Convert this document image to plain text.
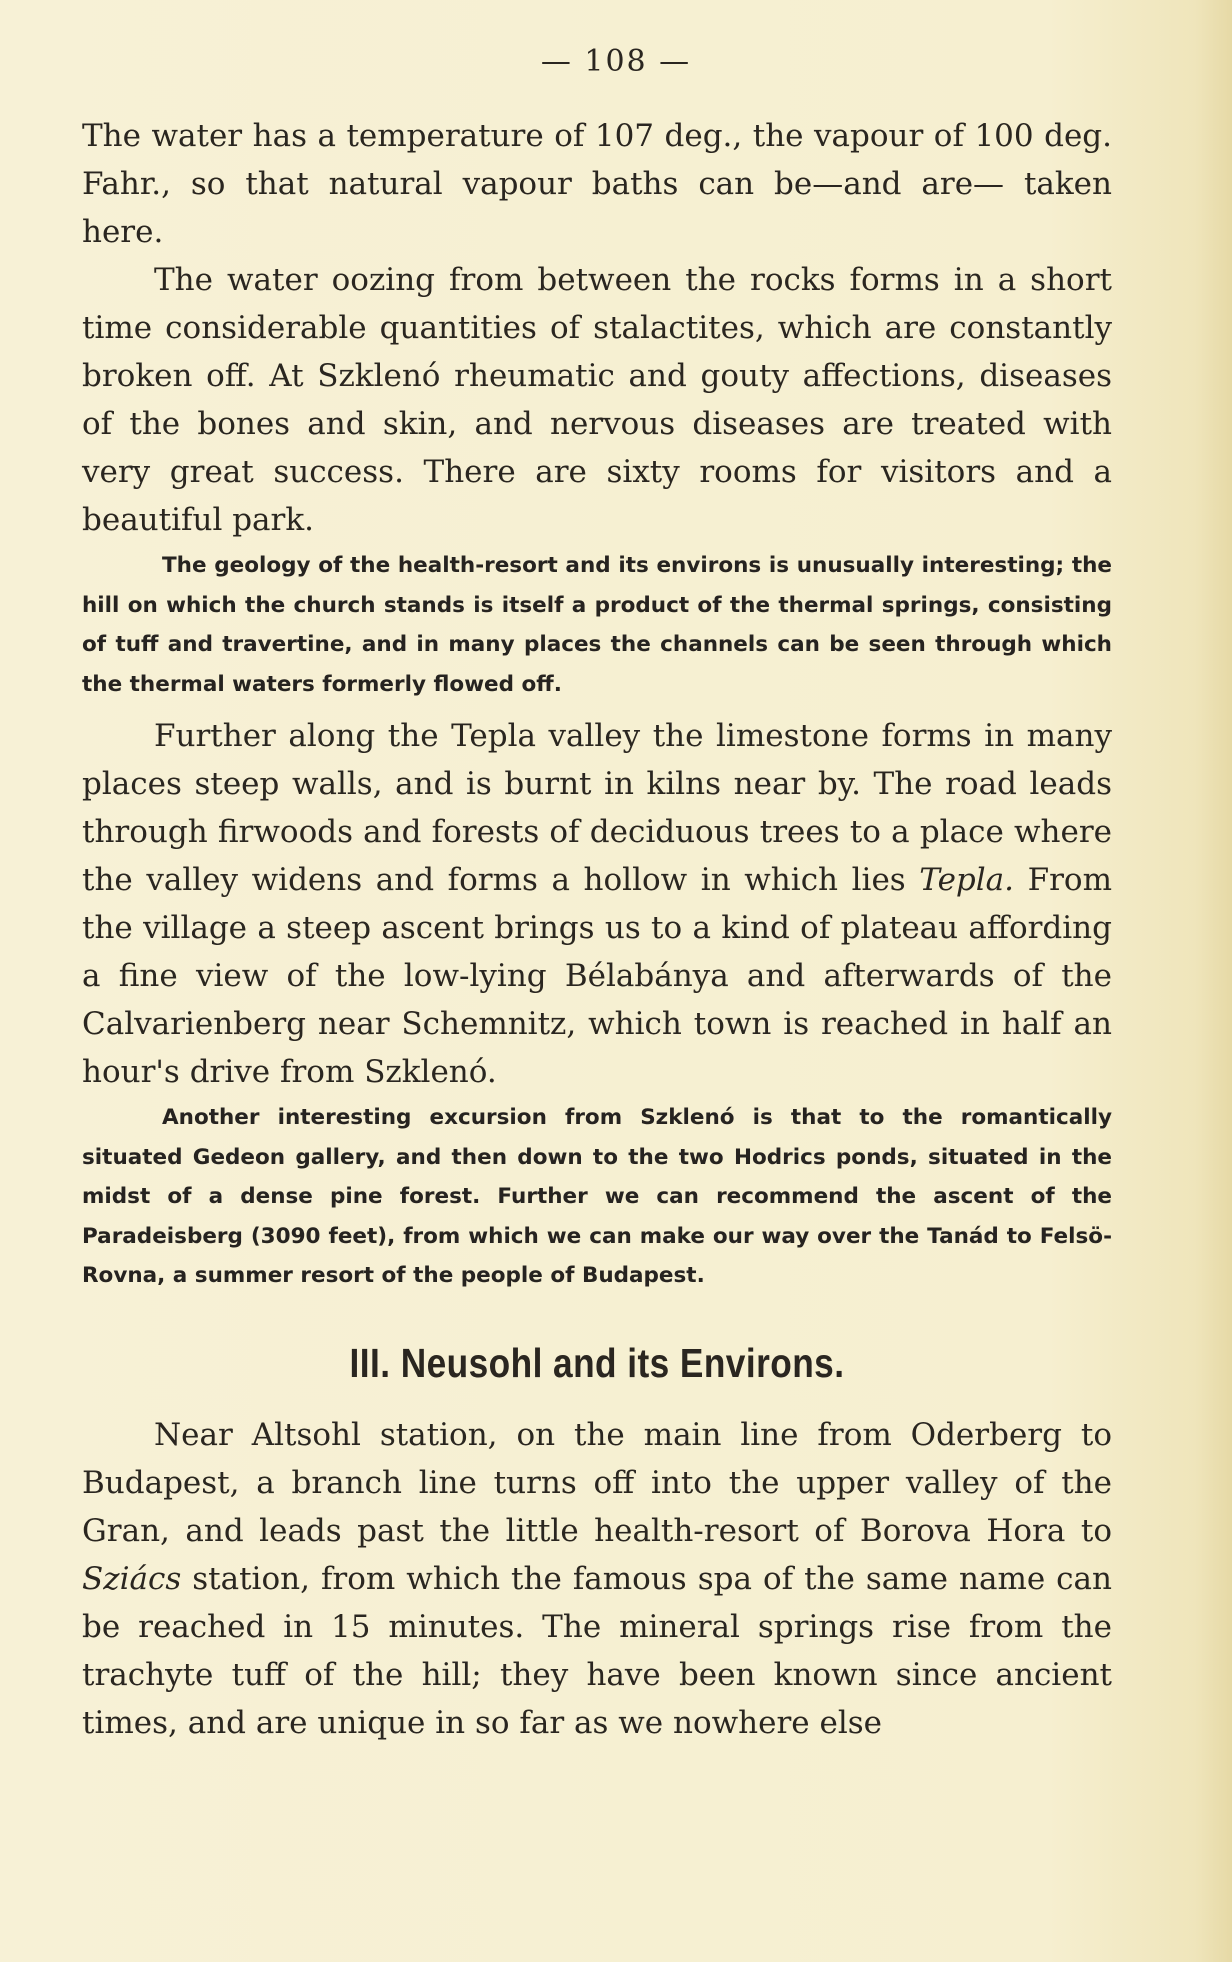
— 108 —

The water has a temperature of 107 deg., the vapour of 100 deg. Fahr., so that natural vapour baths can be—and are— taken here.

The water oozing from between the rocks forms in a short time considerable quantities of stalactites, which are constantly broken off. At Szklenó rheumatic and gouty affections, diseases of the bones and skin, and nervous diseases are treated with very great success. There are sixty rooms for visitors and a beautiful park.

The geology of the health-resort and its environs is unusually interesting; the hill on which the church stands is itself a product of the thermal springs, consisting of tuff and travertine, and in many places the channels can be seen through which the thermal waters formerly flowed off.

Further along the Tepla valley the limestone forms in many places steep walls, and is burnt in kilns near by. The road leads through firwoods and forests of deciduous trees to a place where the valley widens and forms a hollow in which lies Tepla. From the village a steep ascent brings us to a kind of plateau affording a fine view of the low-lying Bélabánya and afterwards of the Calvarienberg near Schemnitz, which town is reached in half an hour's drive from Szklenó.

Another interesting excursion from Szklenó is that to the romantically situated Gedeon gallery, and then down to the two Hodrics ponds, situated in the midst of a dense pine forest. Further we can recommend the ascent of the Paradeisberg (3090 feet), from which we can make our way over the Tanád to Felsö-Rovna, a summer resort of the people of Budapest.

III. Neusohl and its Environs.

Near Altsohl station, on the main line from Oderberg to Budapest, a branch line turns off into the upper valley of the Gran, and leads past the little health-resort of Borova Hora to Sziács station, from which the famous spa of the same name can be reached in 15 minutes. The mineral springs rise from the trachyte tuff of the hill; they have been known since ancient times, and are unique in so far as we nowhere else
